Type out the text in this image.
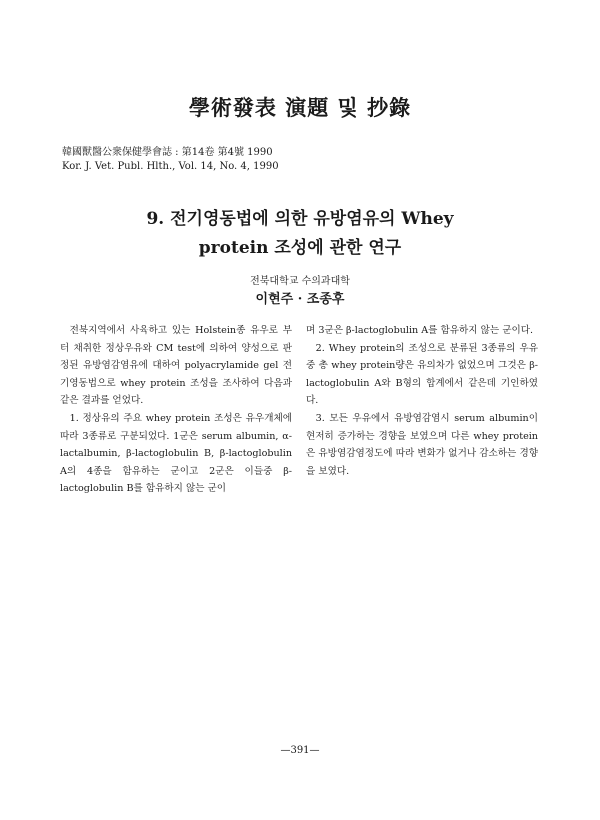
學術發表 演題 및 抄錄
韓國獸醫公衆保健學會誌 : 第14卷 第4號 1990
Kor. J. Vet. Publ. Hlth., Vol. 14, No. 4, 1990
9. 전기영동법에 의한 유방염유의 Whey
protein 조성에 관한 연구
전북대학교 수의과대학
이현주 · 조종후

전북지역에서 사육하고 있는 Holstein종 유우로 부터 채취한 정상우유와 CM test에 의하여 양성으로 판정된 유방염감염유에 대하여 polyacrylamide gel 전기영동법으로 whey protein 조성을 조사하여 다음과 같은 결과를 얻었다.

1. 정상유의 주요 whey protein 조성은 유우개체에 따라 3종류로 구분되었다. 1군은 serum albumin, α-lactalbumin, β-lactoglobulin B, β-lactoglobulin A의 4종을 함유하는 군이고 2군은 이들중 β-lactoglobulin B를 함유하지 않는 군이

며 3군은 β-lactoglobulin A를 함유하지 않는 군이다.

2. Whey protein의 조성으로 분류된 3종류의 우유중 총 whey protein량은 유의차가 없었으며 그것은 β-lactoglobulin A와 B형의 합계에서 같은데 기인하였다.

3. 모든 우유에서 유방염감염시 serum albumin이 현저히 증가하는 경향을 보였으며 다른 whey protein은 유방염감염정도에 따라 변화가 없거나 감소하는 경향을 보였다.

—391—
